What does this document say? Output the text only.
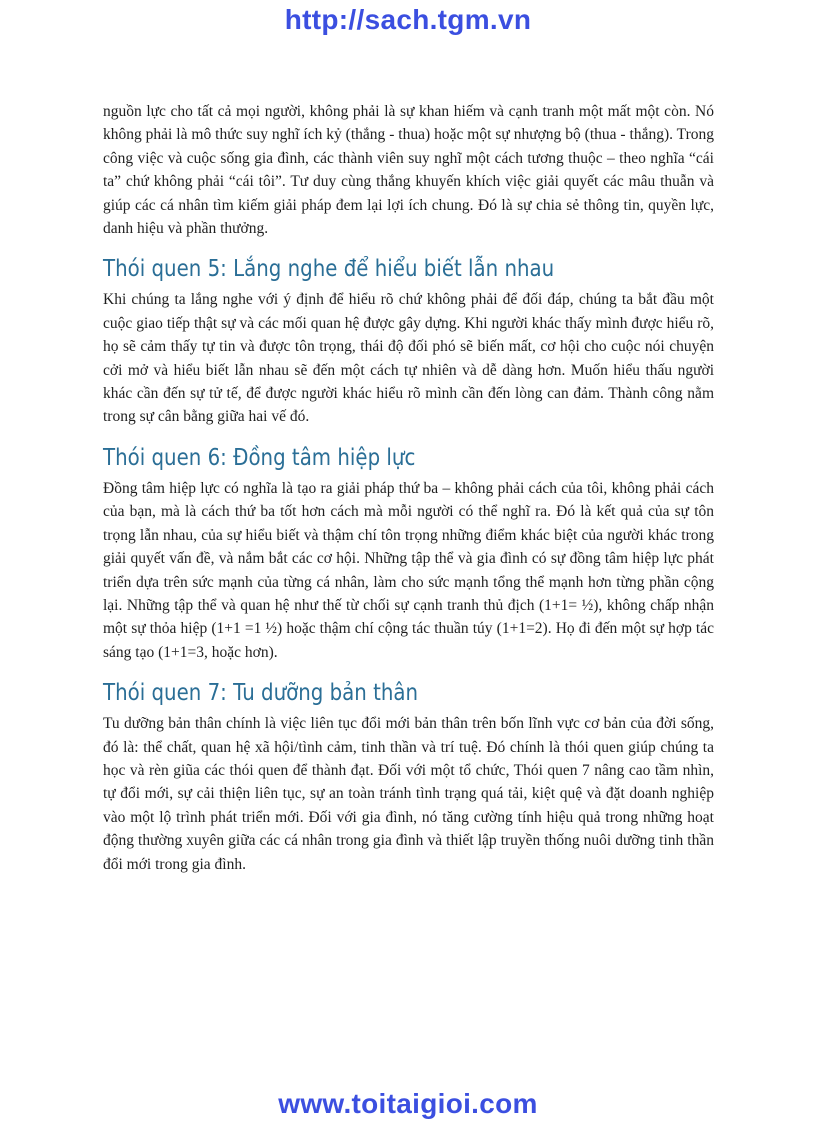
http://sach.tgm.vn

nguồn lực cho tất cả mọi người, không phải là sự khan hiếm và cạnh tranh một mất một còn. Nó không phải là mô thức suy nghĩ ích kỷ (thắng - thua) hoặc một sự nhượng bộ (thua - thắng). Trong công việc và cuộc sống gia đình, các thành viên suy nghĩ một cách tương thuộc – theo nghĩa “cái ta” chứ không phải “cái tôi”. Tư duy cùng thắng khuyến khích việc giải quyết các mâu thuẫn và giúp các cá nhân tìm kiếm giải pháp đem lại lợi ích chung. Đó là sự chia sẻ thông tin, quyền lực, danh hiệu và phần thưởng.

Thói quen 5: Lắng nghe để hiểu biết lẫn nhau

Khi chúng ta lắng nghe với ý định để hiểu rõ chứ không phải để đối đáp, chúng ta bắt đầu một cuộc giao tiếp thật sự và các mối quan hệ được gây dựng. Khi người khác thấy mình được hiểu rõ, họ sẽ cảm thấy tự tin và được tôn trọng, thái độ đối phó sẽ biến mất, cơ hội cho cuộc nói chuyện cởi mở và hiểu biết lẫn nhau sẽ đến một cách tự nhiên và dễ dàng hơn. Muốn hiểu thấu người khác cần đến sự tử tế, để được người khác hiểu rõ mình cần đến lòng can đảm. Thành công nằm trong sự cân bằng giữa hai vế đó.

Thói quen 6: Đồng tâm hiệp lực

Đồng tâm hiệp lực có nghĩa là tạo ra giải pháp thứ ba – không phải cách của tôi, không phải cách của bạn, mà là cách thứ ba tốt hơn cách mà mỗi người có thể nghĩ ra. Đó là kết quả của sự tôn trọng lẫn nhau, của sự hiểu biết và thậm chí tôn trọng những điểm khác biệt của người khác trong giải quyết vấn đề, và nắm bắt các cơ hội. Những tập thể và gia đình có sự đồng tâm hiệp lực phát triển dựa trên sức mạnh của từng cá nhân, làm cho sức mạnh tổng thể mạnh hơn từng phần cộng lại. Những tập thể và quan hệ như thế từ chối sự cạnh tranh thủ địch (1+1= ½), không chấp nhận một sự thỏa hiệp (1+1 =1 ½) hoặc thậm chí cộng tác thuần túy (1+1=2). Họ đi đến một sự hợp tác sáng tạo (1+1=3, hoặc hơn).

Thói quen 7: Tu dưỡng bản thân

Tu dưỡng bản thân chính là việc liên tục đổi mới bản thân trên bốn lĩnh vực cơ bản của đời sống, đó là: thể chất, quan hệ xã hội/tình cảm, tinh thần và trí tuệ. Đó chính là thói quen giúp chúng ta học và rèn giũa các thói quen để thành đạt. Đối với một tổ chức, Thói quen 7 nâng cao tầm nhìn, tự đổi mới, sự cải thiện liên tục, sự an toàn tránh tình trạng quá tải, kiệt quệ và đặt doanh nghiệp vào một lộ trình phát triển mới. Đối với gia đình, nó tăng cường tính hiệu quả trong những hoạt động thường xuyên giữa các cá nhân trong gia đình và thiết lập truyền thống nuôi dưỡng tinh thần đổi mới trong gia đình.

www.toitaigioi.com
